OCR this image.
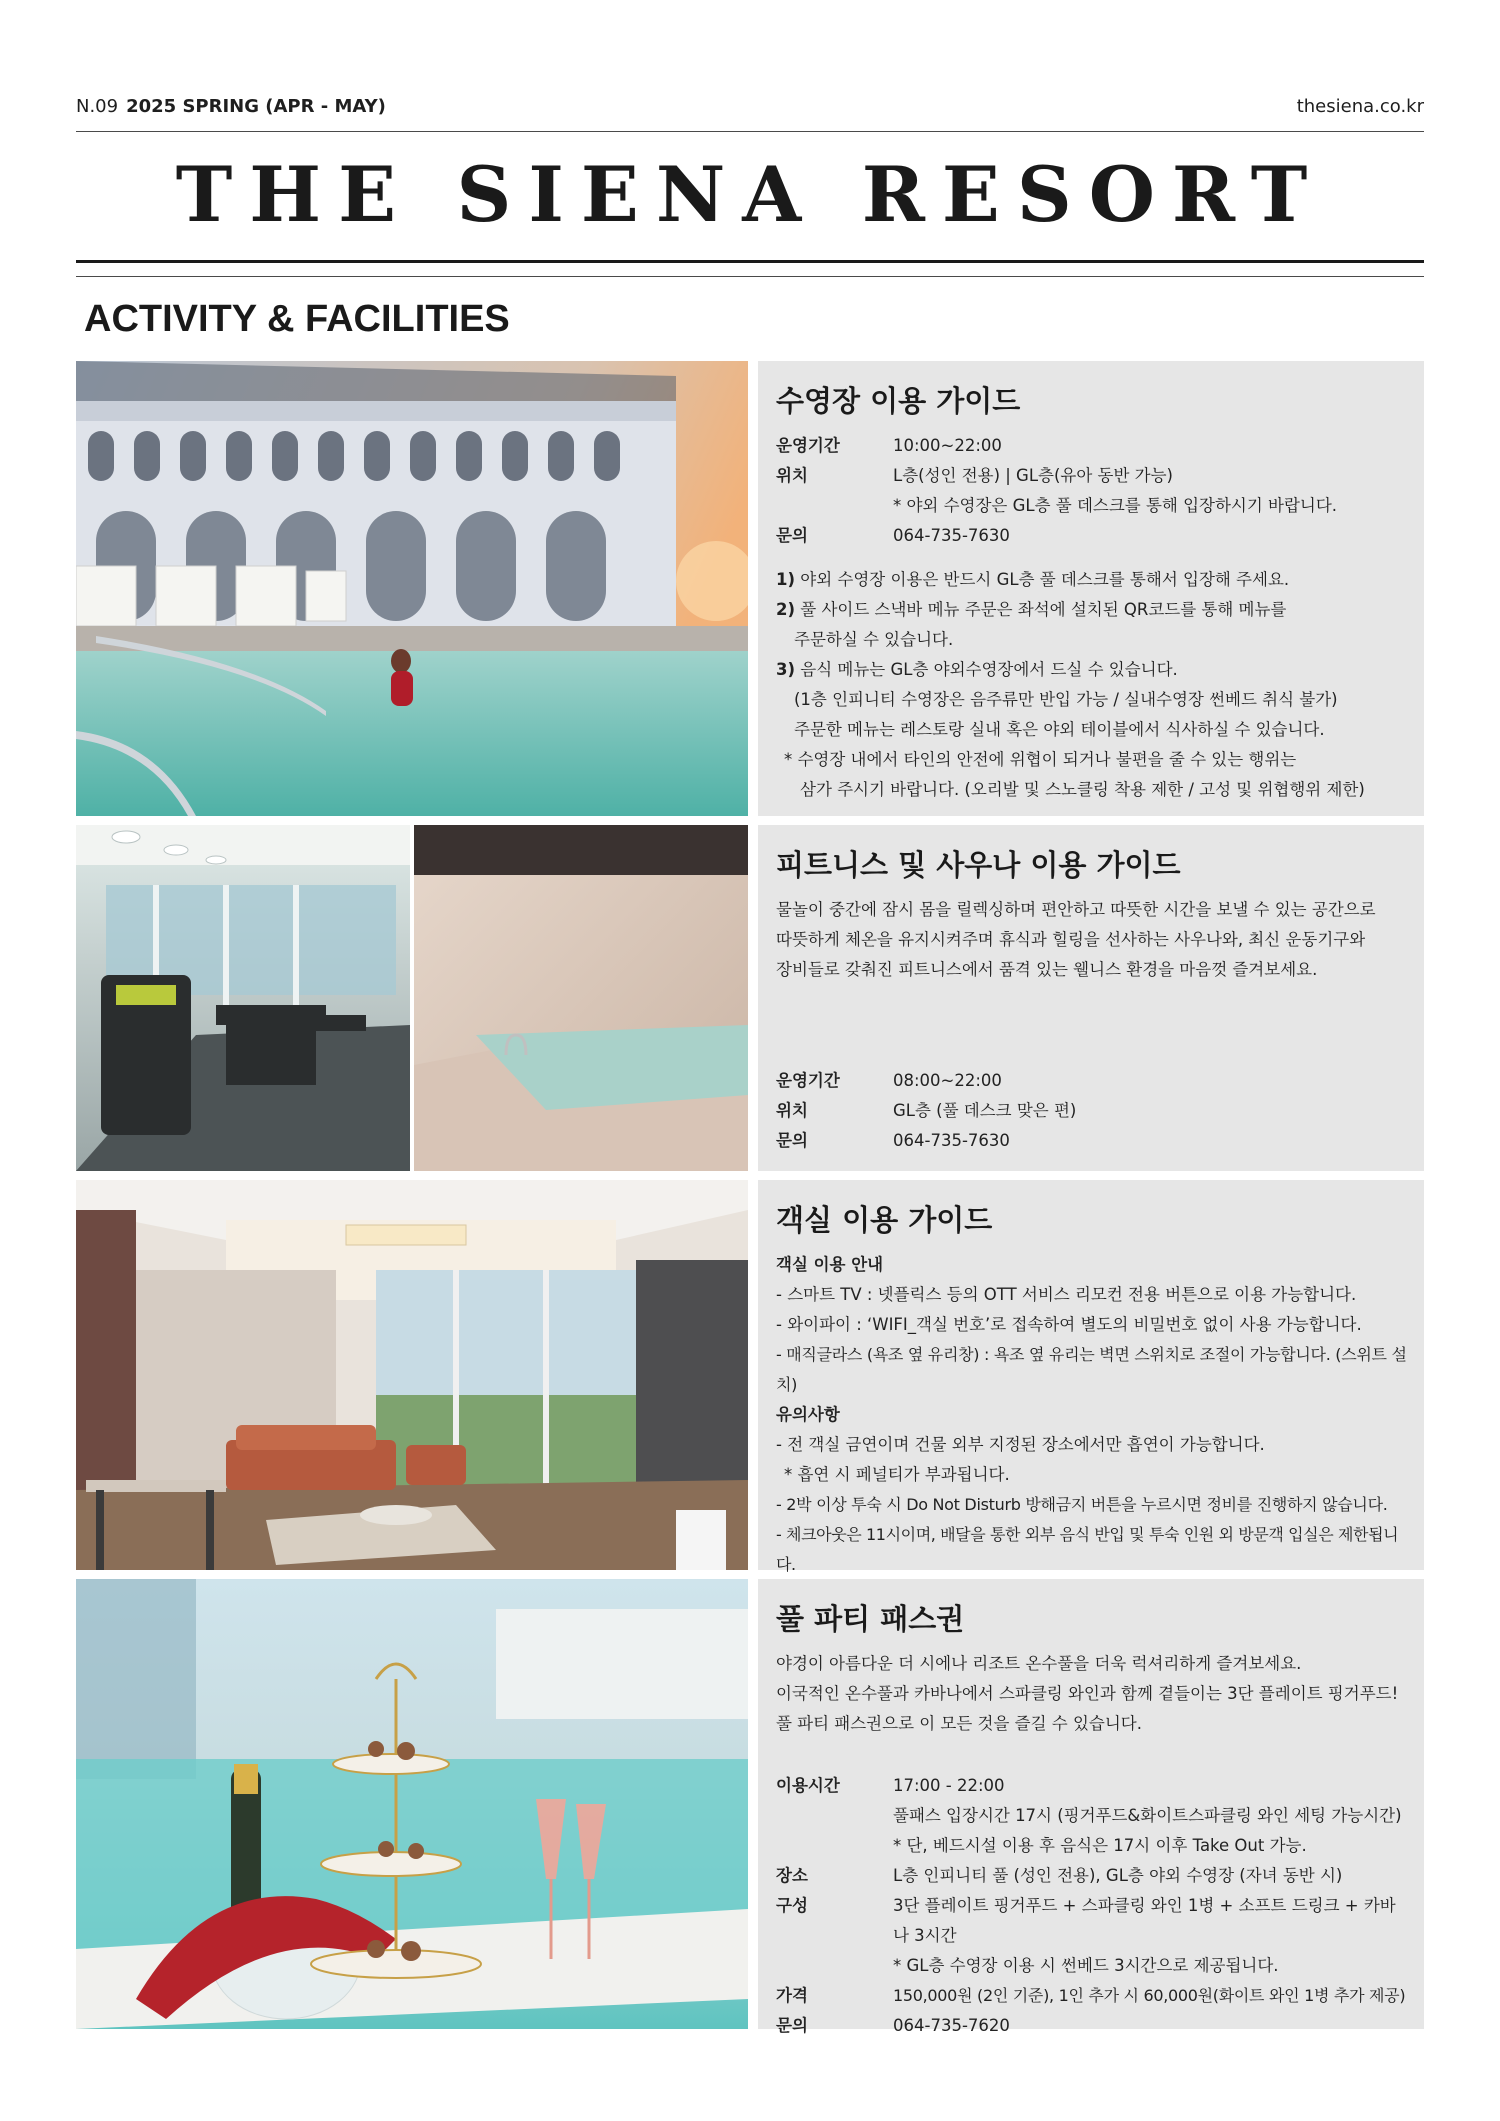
N.09 2025 SPRING (APR - MAY)	thesiena.co.kr
THE SIENA RESORT
ACTIVITY & FACILITIES
수영장 이용 가이드
운영기간	10:00~22:00
위치	L층(성인 전용) | GL층(유아 동반 가능)
* 야외 수영장은 GL층 풀 데스크를 통해 입장하시기 바랍니다.
문의	064-735-7630
1) 야외 수영장 이용은 반드시 GL층 풀 데스크를 통해서 입장해 주세요.
2) 풀 사이드 스낵바 메뉴 주문은 좌석에 설치된 QR코드를 통해 메뉴를
주문하실 수 있습니다.
3) 음식 메뉴는 GL층 야외수영장에서 드실 수 있습니다.
(1층 인피니티 수영장은 음주류만 반입 가능 / 실내수영장 썬베드 취식 불가)
주문한 메뉴는 레스토랑 실내 혹은 야외 테이블에서 식사하실 수 있습니다.
* 수영장 내에서 타인의 안전에 위협이 되거나 불편을 줄 수 있는 행위는
삼가 주시기 바랍니다. (오리발 및 스노클링 착용 제한 / 고성 및 위협행위 제한)
피트니스 및 사우나 이용 가이드
물놀이 중간에 잠시 몸을 릴렉싱하며 편안하고 따뜻한 시간을 보낼 수 있는 공간으로
따뜻하게 체온을 유지시켜주며 휴식과 힐링을 선사하는 사우나와, 최신 운동기구와
장비들로 갖춰진 피트니스에서 품격 있는 웰니스 환경을 마음껏 즐겨보세요.
운영기간	08:00~22:00
위치	GL층 (풀 데스크 맞은 편)
문의	064-735-7630
객실 이용 가이드
객실 이용 안내
- 스마트 TV : 넷플릭스 등의 OTT 서비스 리모컨 전용 버튼으로 이용 가능합니다.
- 와이파이 : ‘WIFI_객실 번호’로 접속하여 별도의 비밀번호 없이 사용 가능합니다.
- 매직글라스 (욕조 옆 유리창) : 욕조 옆 유리는 벽면 스위치로 조절이 가능합니다. (스위트 설치)
유의사항
- 전 객실 금연이며 건물 외부 지정된 장소에서만 흡연이 가능합니다.
* 흡연 시 페널티가 부과됩니다.
- 2박 이상 투숙 시 Do Not Disturb 방해금지 버튼을 누르시면 정비를 진행하지 않습니다.
- 체크아웃은 11시이며, 배달을 통한 외부 음식 반입 및 투숙 인원 외 방문객 입실은 제한됩니다.
풀 파티 패스권
야경이 아름다운 더 시에나 리조트 온수풀을 더욱 럭셔리하게 즐겨보세요.
이국적인 온수풀과 카바나에서 스파클링 와인과 함께 곁들이는 3단 플레이트 핑거푸드!
풀 파티 패스권으로 이 모든 것을 즐길 수 있습니다.
이용시간	17:00 - 22:00
풀패스 입장시간 17시 (핑거푸드&화이트스파클링 와인 세팅 가능시간)
* 단, 베드시설 이용 후 음식은 17시 이후 Take Out 가능.
장소	L층 인피니티 풀 (성인 전용), GL층 야외 수영장 (자녀 동반 시)
구성	3단 플레이트 핑거푸드 + 스파클링 와인 1병 + 소프트 드링크 + 카바나 3시간
* GL층 수영장 이용 시 썬베드 3시간으로 제공됩니다.
가격	150,000원 (2인 기준), 1인 추가 시 60,000원(화이트 와인 1병 추가 제공)
문의	064-735-7620
